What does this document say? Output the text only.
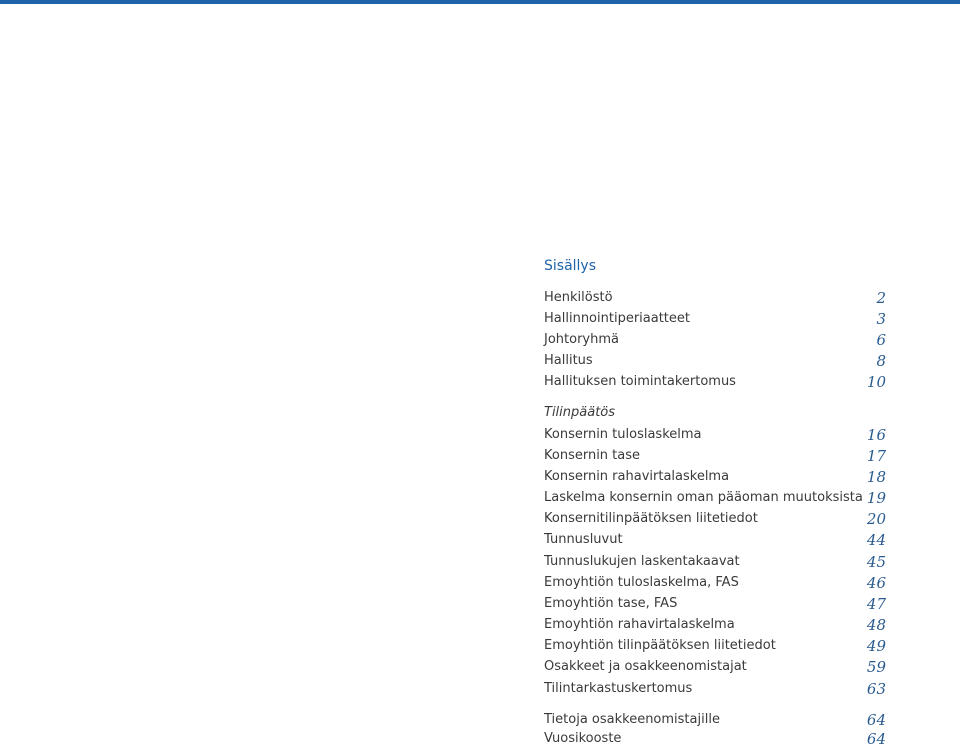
Sisällys
Henkilöstö	2
Hallinnointiperiaatteet	3
Johtoryhmä	6
Hallitus	8
Hallituksen toimintakertomus	10
Tilinpäätös
Konsernin tuloslaskelma	16
Konsernin tase	17
Konsernin rahavirtalaskelma	18
Laskelma konsernin oman pääoman muutoksista 19
Konsernitilinpäätöksen liitetiedot	20
Tunnusluvut	44
Tunnuslukujen laskentakaavat	45
Emoyhtiön tuloslaskelma, FAS	46
Emoyhtiön tase, FAS	47
Emoyhtiön rahavirtalaskelma	48
Emoyhtiön tilinpäätöksen liitetiedot	49
Osakkeet ja osakkeenomistajat	59
Tilintarkastuskertomus	63
Tietoja osakkeenomistajille	64
Vuosikooste	64
